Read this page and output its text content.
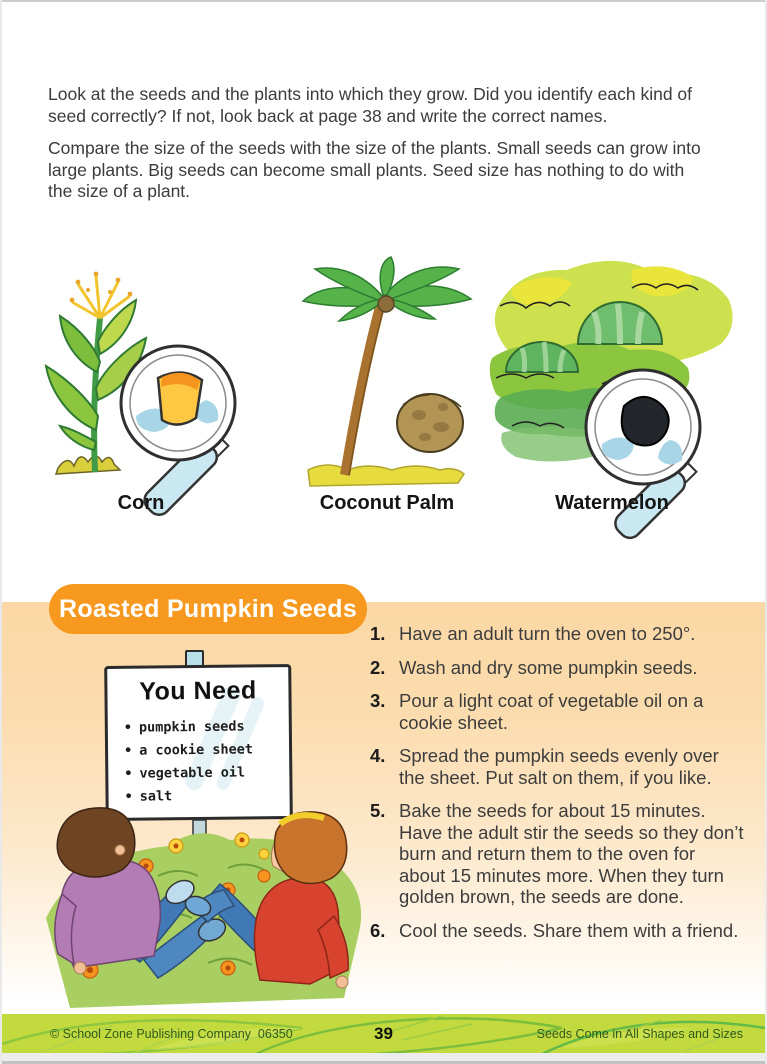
Look at the seeds and the plants into which they grow. Did you identify each kind of seed correctly? If not, look back at page 38 and write the correct names.

Compare the size of the seeds with the size of the plants. Small seeds can grow into large plants. Big seeds can become small plants. Seed size has nothing to do with the size of a plant.

Corn	Coconut Palm	Watermelon
Roasted Pumpkin Seeds
You Need
• pumpkin seeds
• a cookie sheet
• vegetable oil
• salt
1. Have an adult turn the oven to 250°.
2. Wash and dry some pumpkin seeds.
3. Pour a light coat of vegetable oil on a cookie sheet.
4. Spread the pumpkin seeds evenly over the sheet. Put salt on them, if you like.
5. Bake the seeds for about 15 minutes. Have the adult stir the seeds so they don’t burn and return them to the oven for about 15 minutes more. When they turn golden brown, the seeds are done.
6. Cool the seeds. Share them with a friend.
© School Zone Publishing Company  06350	39	Seeds Come in All Shapes and Sizes
